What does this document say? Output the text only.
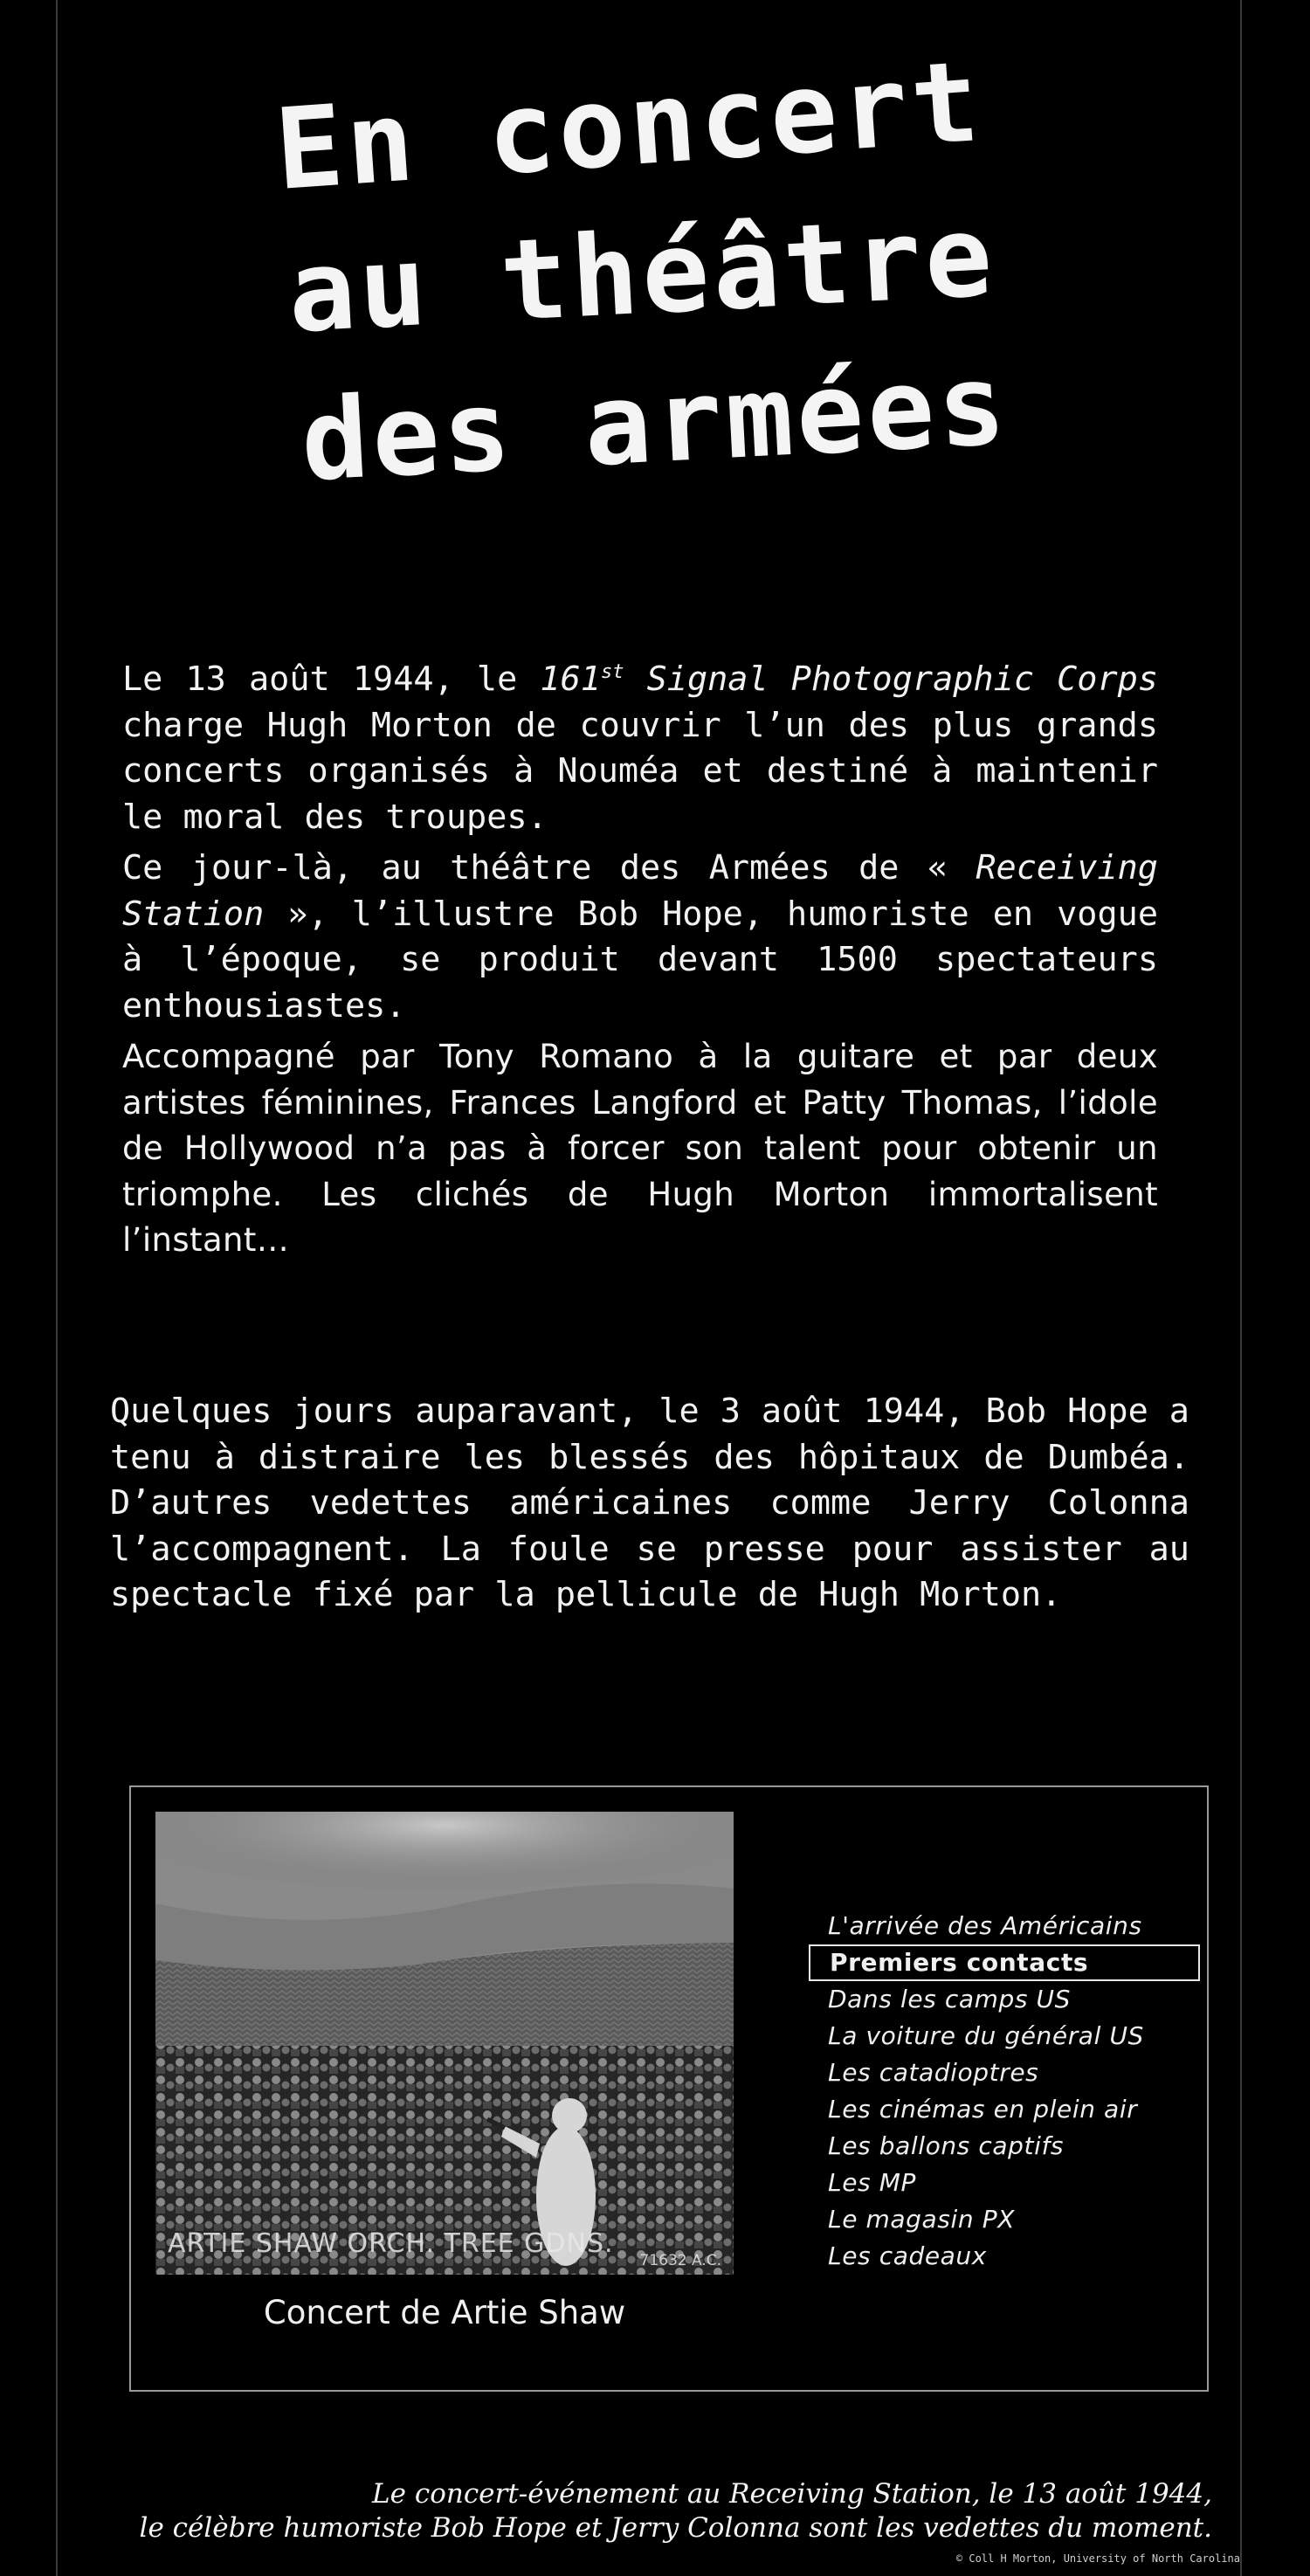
En concert
au théâtre
des armées

Le 13 août 1944, le 161st Signal Photographic Corps charge Hugh Morton de couvrir l’un des plus grands concerts organisés à Nouméa et destiné à maintenir le moral des troupes.

Ce jour-là, au théâtre des Armées de « Receiving Station », l’illustre Bob Hope, humoriste en vogue à l’époque, se produit devant 1500 spectateurs enthousiastes.

Accompagné par Tony Romano à la guitare et par deux artistes féminines, Frances Langford et Patty Thomas, l’idole de Hollywood n’a pas à forcer son talent pour obtenir un triomphe. Les clichés de Hugh Morton immortalisent l’instant…

Quelques jours auparavant, le 3 août 1944, Bob Hope a tenu à distraire les blessés des hôpitaux de Dumbéa. D’autres vedettes américaines comme Jerry Colonna l’accompagnent. La foule se presse pour assister au spectacle fixé par la pellicule de Hugh Morton.

ARTIE SHAW ORCH. TREE GDNS.
71632 A.C.

Concert de Artie Shaw

L'arrivée des Américains
Premiers contacts
Dans les camps US
La voiture du général US
Les catadioptres
Les cinémas en plein air
Les ballons captifs
Les MP
Le magasin PX
Les cadeaux

Le concert-événement au Receiving Station, le 13 août 1944,
le célèbre humoriste Bob Hope et Jerry Colonna sont les vedettes du moment.

© Coll H Morton, University of North Carolina
